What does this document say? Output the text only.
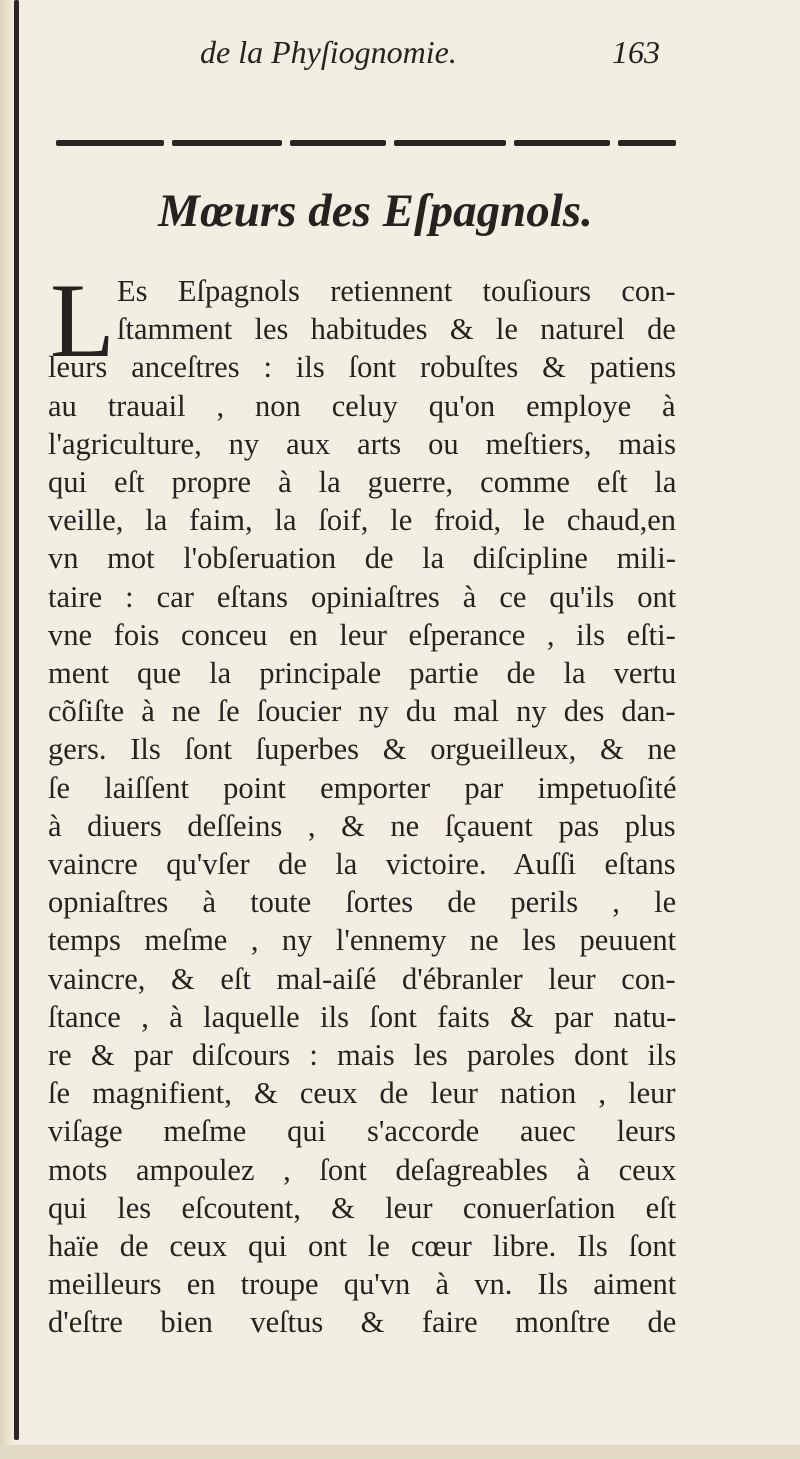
de la Phyſiognomie.	163
Mœurs des Eſpagnols.
L Es Eſpagnols retiennent touſiours con-
ſtamment les habitudes & le naturel de
leurs anceſtres : ils ſont robuſtes & patiens
au trauail , non celuy qu'on employe à
l'agriculture, ny aux arts ou meſtiers, mais
qui eſt propre à la guerre, comme eſt la
veille, la faim, la ſoif, le froid, le chaud,en
vn mot l'obſeruation de la diſcipline mili-
taire : car eſtans opiniaſtres à ce qu'ils ont
vne fois conceu en leur eſperance , ils eſti-
ment que la principale partie de la vertu
cõſiſte à ne ſe ſoucier ny du mal ny des dan-
gers. Ils ſont ſuperbes & orgueilleux, & ne
ſe laiſſent point emporter par impetuoſité
à diuers deſſeins , & ne ſçauent pas plus
vaincre qu'vſer de la victoire. Auſſi eſtans
opniaſtres à toute ſortes de perils , le
temps meſme , ny l'ennemy ne les peuuent
vaincre, & eſt mal-aiſé d'ébranler leur con-
ſtance , à laquelle ils ſont faits & par natu-
re & par diſcours : mais les paroles dont ils
ſe magnifient, & ceux de leur nation , leur
viſage meſme qui s'accorde auec leurs
mots ampoulez , ſont deſagreables à ceux
qui les eſcoutent, & leur conuerſation eſt
haïe de ceux qui ont le cœur libre. Ils ſont
meilleurs en troupe qu'vn à vn. Ils aiment
d'eſtre bien veſtus & faire monſtre de
